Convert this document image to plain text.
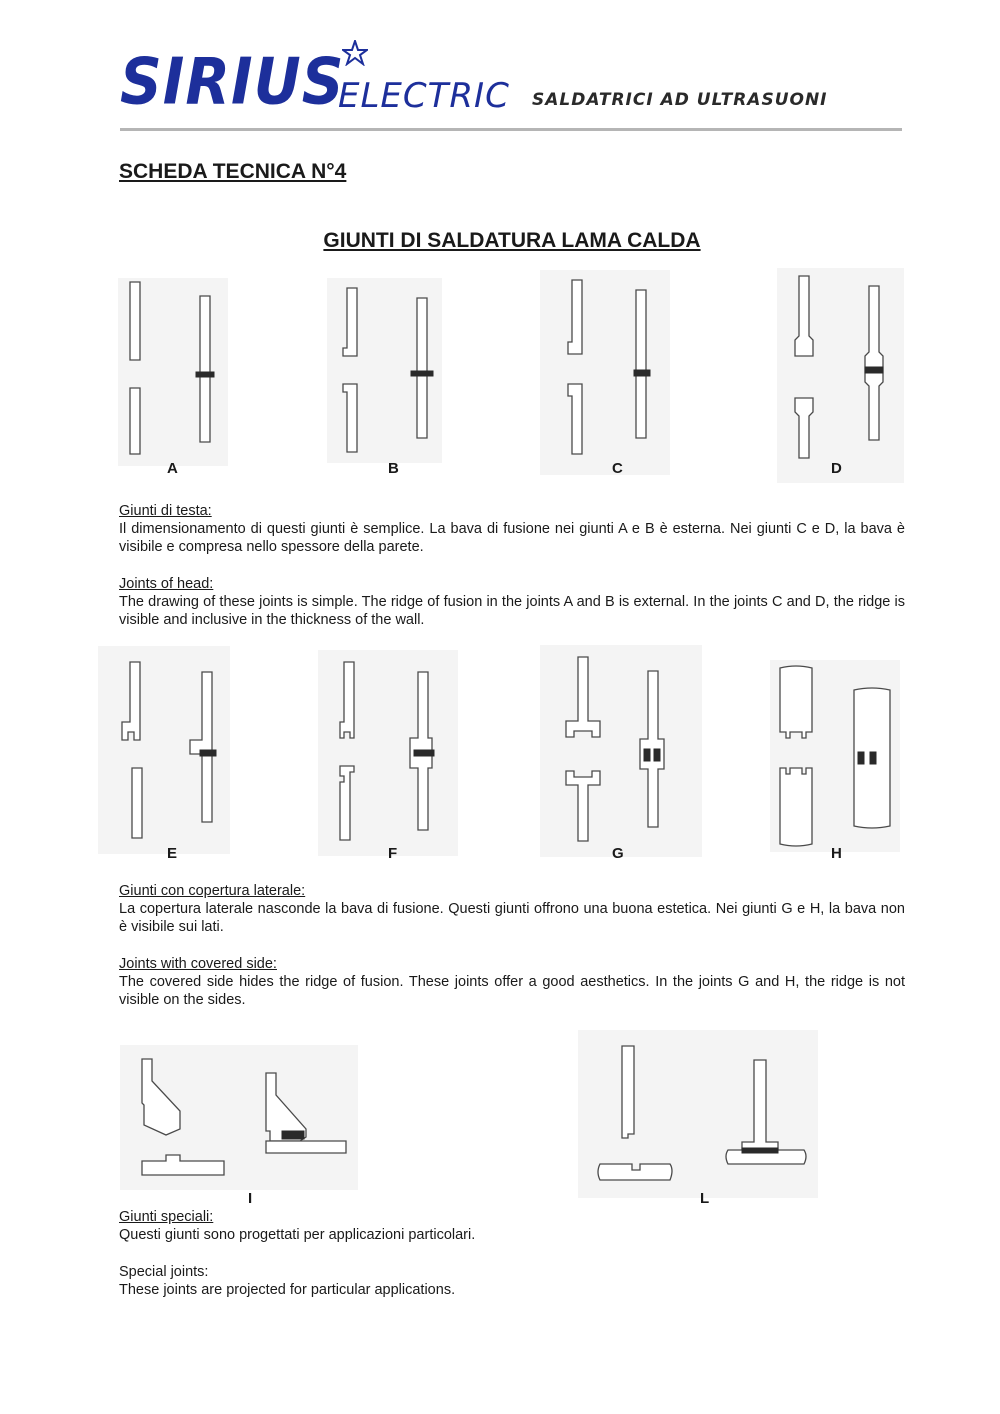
SIRIUS
ELECTRIC SALDATRICI AD ULTRASUONI
SCHEDA TECNICA N°4
GIUNTI DI SALDATURA LAMA CALDA
A	B	C	D
Giunti di testa:
Il dimensionamento di questi giunti è semplice. La bava di fusione nei giunti A e B è esterna. Nei giunti C e D, la bava è visibile e compresa nello spessore della parete.
Joints of head:
The drawing of these joints is simple. The ridge of fusion in the joints A and B is external. In the joints C and D, the ridge is visible and inclusive in the thickness of the wall.
E	F	G	H
Giunti con copertura laterale:
La copertura laterale nasconde la bava di fusione. Questi giunti offrono una buona estetica. Nei giunti G e H, la bava non è visibile sui lati.
Joints with covered side:
The covered side hides the ridge of fusion. These joints offer a good aesthetics. In the joints G and H, the ridge is not visible on the sides.
I	L
Giunti speciali:
Questi giunti sono progettati per applicazioni particolari.
Special joints:
These joints are projected for particular applications.
